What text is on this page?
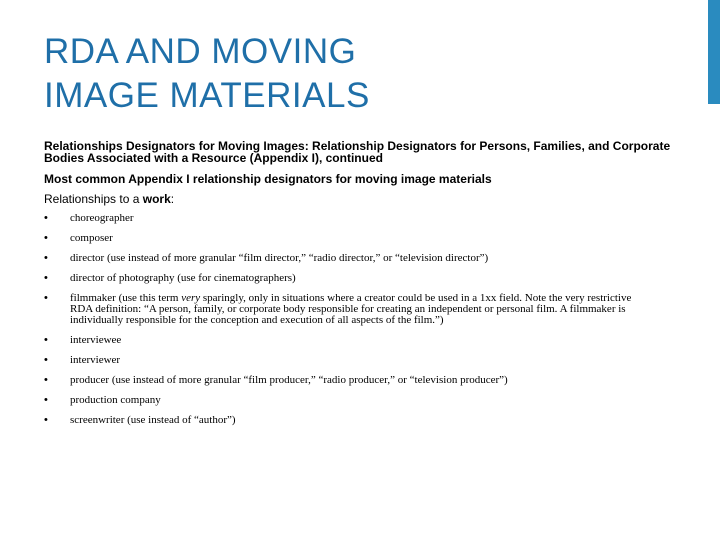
RDA AND MOVING
IMAGE MATERIALS

Relationships Designators for Moving Images: Relationship Designators for Persons, Families, and Corporate Bodies Associated with a Resource (Appendix I), continued

Most common Appendix I relationship designators for moving image materials

Relationships to a work:

• choreographer
• composer
• director (use instead of more granular “film director,” “radio director,” or “television director”)
• director of photography (use for cinematographers)
• filmmaker (use this term very sparingly, only in situations where a creator could be used in a 1xx field. Note the very restrictive RDA definition: “A person, family, or corporate body responsible for creating an independent or personal film. A filmmaker is individually responsible for the conception and execution of all aspects of the film.”)
• interviewee
• interviewer
• producer (use instead of more granular “film producer,” “radio producer,” or “television producer”)
• production company
• screenwriter (use instead of “author”)
